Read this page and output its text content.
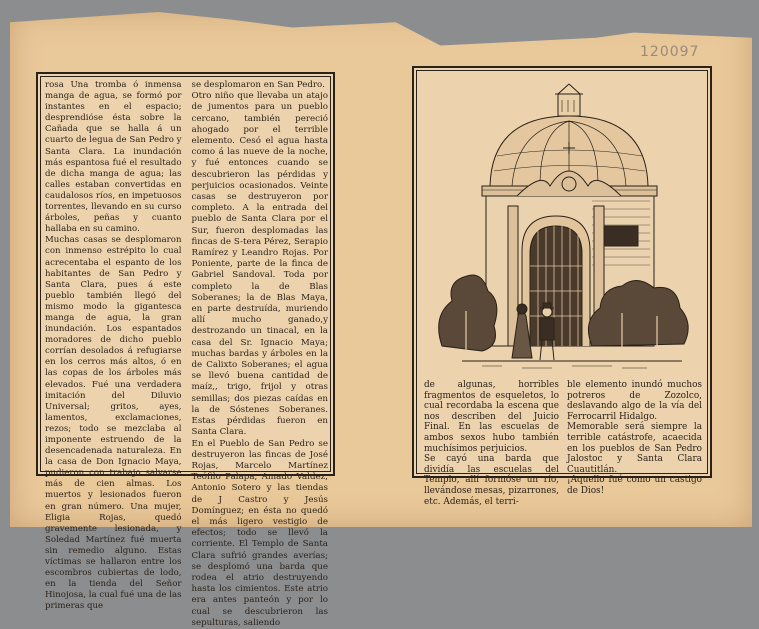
120097
rosa Una tromba ó inmensa manga de agua, se formó por instantes en el espacio; desprendióse ésta sobre la Cañada que se halla á un cuarto de legua de San Pedro y Santa Clara. La inundación más espantosa fué el resultado de dicha manga de agua; las calles estaban convertidas en caudalosos ríos, en impetuosos torrentes, llevando en su curso árboles, peñas y cuanto hallaba en su camino.
Muchas casas se desplomaron con inmenso estrépito lo cual acrecentaba el espanto de los habitantes de San Pedro y Santa Clara, pues á este pueblo también llegó del mismo modo la gigantesca manga de agua, la gran inundación. Los espantados moradores de dicho pueblo corrían desolados á refugiarse en los cerros más altos, ó en las copas de los árboles más elevados. Fué una verdadera imitación del Diluvio Universal; gritos, ayes, lamentos, exclamaciones, rezos; todo se mezclaba al imponente estruendo de la desencadenada naturaleza. En la casa de Don Ignacio Maya, pudieron con trabajo salvarse más de cien almas. Los muertos y lesionados fueron en gran número. Una mujer, Eligia Rojas, quedó gravemente lesionada, y Soledad Martínez fué muerta sin remedio alguno. Estas víctimas se hallaron entre los escombros cubiertas de lodo, en la tienda del Señor Hinojosa, la cual fué una de las primeras que
se desplomaron en San Pedro.
Otro niño que llevaba un atajo de jumentos para un pueblo cercano, también pereció ahogado por el terrible elemento. Cesó el agua hasta como á las nueve de la noche, y fué entonces cuando se descubrieron las pérdidas y perjuicios ocasionados. Veinte casas se destruyeron por completo. A la entrada del pueblo de Santa Clara por el Sur, fueron desplomadas las fincas de S-tera Pérez, Serapio Ramírez y Leandro Rojas. Por Poniente, parte de la finca de Gabriel Sandoval. Toda por completo la de Blas Soberanes; la de Blas Maya, en parte destruída, muriendo allí mucho ganado,y destrozando un tinacal, en la casa del Sr. Ignacio Maya; muchas bardas y árboles en la de Calixto Soberanes; el agua se llevó buena cantidad de maíz,, trigo, frijol y otras semillas; dos piezas caídas en la de Sóstenes Soberanes. Estas pérdidas fueron en Santa Clara.
En el Pueblo de San Pedro se destruyeron las fincas de José Rojas, Marcelo Martínez Teófilo Palapa, Amado Valdez, Antonio Sotero y las tiendas de J Castro y Jesús Domínguez; en ésta no quedó el más ligero vestigio de efectos; todo se llevó la corriente. El Templo de Santa Clara sufrió grandes averías; se desplomó una barda que rodea el atrio destruyendo hasta los cimientos. Este atrio era antes panteón y por lo cual se descubrieron las sepulturas, saliendo
de algunas, horribles fragmentos de esqueletos, lo cual recordaba la escena que nos describen del Juicio Final. En las escuelas de ambos sexos hubo también muchísimos perjuicios.
Se cayó una barda que dividía las escuelas del Templo, allí formóse un río, llevándose mesas, pizarrones, etc. Además, el terri-
ble elemento inundó muchos potreros de Zozolco, deslavando algo de la vía del Ferrocarril Hidalgo.
Memorable será siempre la terrible catástrofe, acaecida en los pueblos de San Pedro Jalostoc y Santa Clara Cuautitlán.
¡Aquello fué como un castigo de Dios!
